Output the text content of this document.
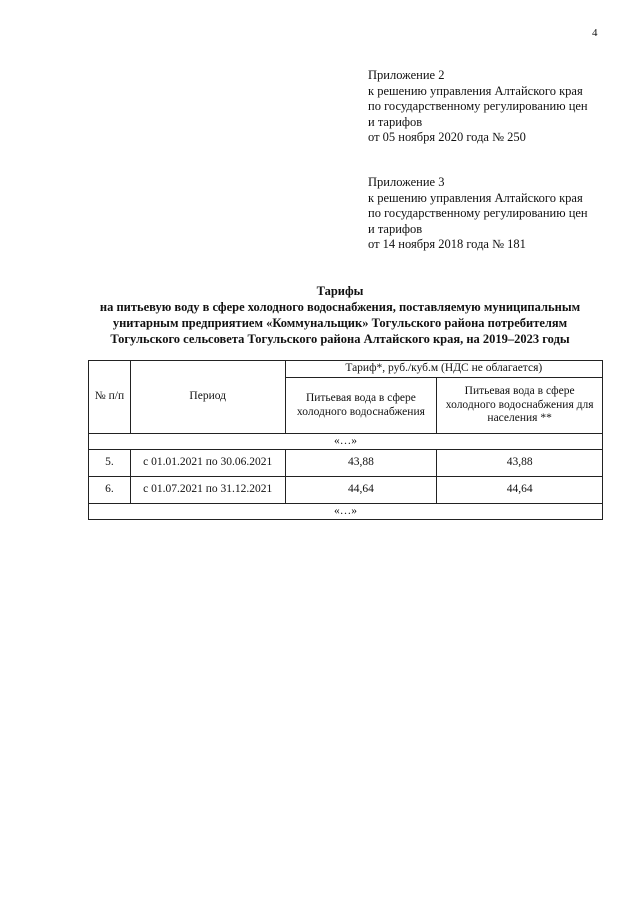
4
Приложение 2
к решению управления Алтайского края
по государственному регулированию цен
и тарифов
от 05 ноября 2020 года № 250
Приложение 3
к решению управления Алтайского края
по государственному регулированию цен
и тарифов
от 14 ноября 2018 года № 181
Тарифы
на питьевую воду в сфере холодного водоснабжения, поставляемую муниципальным
унитарным предприятием «Коммунальщик» Тогульского района потребителям
Тогульского сельсовета Тогульского района Алтайского края, на 2019–2023 годы
№ п/п	Период	Тариф*, руб./куб.м (НДС не облагается)	
		Питьевая вода в сфере холодного водоснабжения	Питьевая вода в сфере холодного водоснабжения для населения **
«…»			
5.	с 01.01.2021 по 30.06.2021	43,88	43,88
6.	с 01.07.2021 по 31.12.2021	44,64	44,64
«…»			
